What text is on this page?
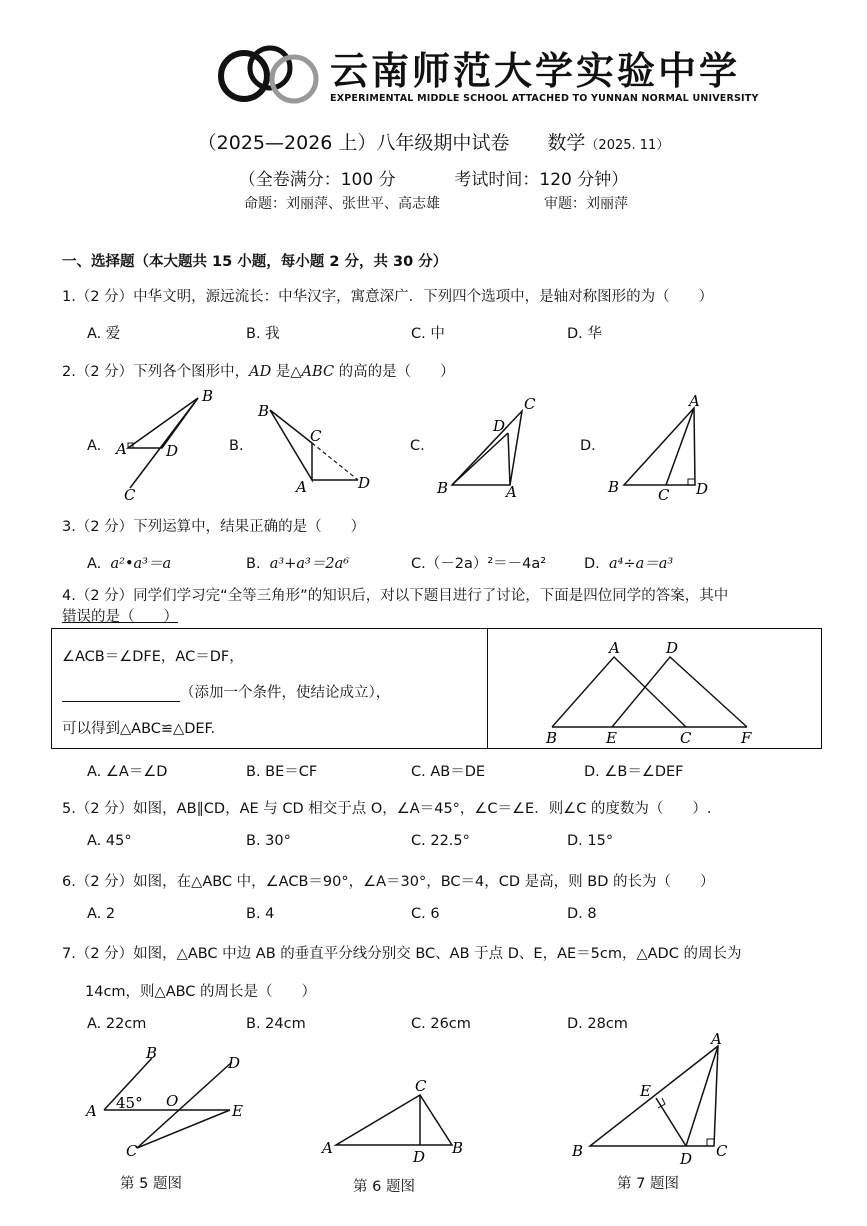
云南师范大学实验中学
EXPERIMENTAL MIDDLE SCHOOL ATTACHED TO YUNNAN NORMAL UNIVERSITY
（2025—2026 上）八年级期中试卷　　数学（2025. 11）
（全卷满分：100 分	考试时间：120 分钟）
命题：刘丽萍、张世平、高志雄	审题：刘丽萍
一、选择题（本大题共 15 小题，每小题 2 分，共 30 分）
1.（2 分）中华文明，源远流长：中华汉字，寓意深广．下列四个选项中，是轴对称图形的为（　　）
A. 爱	B. 我	C. 中	D. 华
2.（2 分）下列各个图形中，AD 是△ABC 的高的是（　　）
A.	B.	C.	D.
B
A	D
C
B
C
A	D
C
D
B	A
A
B	C D
3.（2 分）下列运算中，结果正确的是（　　）
A. a²•a³＝a	B. a³+a³＝2a⁶	C.（－2a）²＝－4a²	D. a⁴÷a＝a³
4.（2 分）同学们学习完“全等三角形”的知识后，对以下题目进行了讨论，下面是四位同学的答案，其中
错误的是（　　）
∠ACB＝∠DFE，AC＝DF，
（添加一个条件，使结论成立），
可以得到△ABC≌△DEF.
A	D
B	E	C	F
A. ∠A＝∠D	B. BE＝CF	C. AB＝DE	D. ∠B＝∠DEF
5.（2 分）如图，AB∥CD，AE 与 CD 相交于点 O，∠A＝45°，∠C＝∠E．则∠C 的度数为（　　）.
A. 45°	B. 30°	C. 22.5°	D. 15°
6.（2 分）如图，在△ABC 中，∠ACB＝90°，∠A＝30°，BC＝4，CD 是高，则 BD 的长为（　　）
A. 2	B. 4	C. 6	D. 8
7.（2 分）如图，△ABC 中边 AB 的垂直平分线分别交 BC、AB 于点 D、E，AE＝5cm，△ADC 的周长为
14cm，则△ABC 的周长是（　　）
A. 22cm	B. 24cm	C. 26cm	D. 28cm
B
D
A 45° O
E
C
第 5 题图
C
A	D B
第 6 题图
A
E
B	D C
第 7 题图
